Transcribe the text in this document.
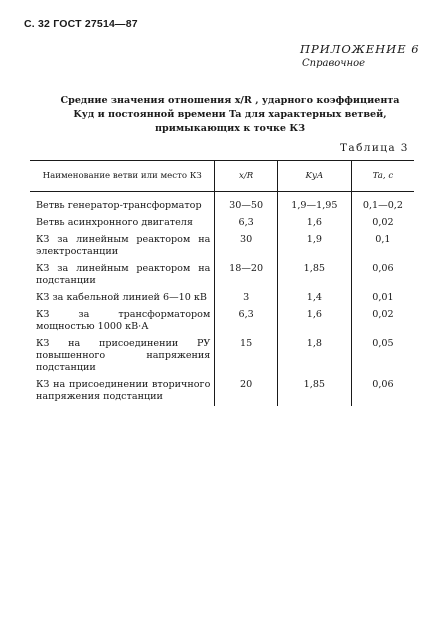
С. 32 ГОСТ 27514—87
ПРИЛОЖЕНИЕ 6
Справочное
Средние значения отношения x/R , ударного коэффициента
Kуд и постоянной времени Ta для характерных ветвей,
примыкающих к точке КЗ
Таблица 3
Наименование ветви или место КЗ	x/R	KуA	Ta, с

Ветвь генератор-трансформатор	30—50	1,9—1,95	0,1—0,2
Ветвь асинхронного двигателя	6,3	1,6	0,02
КЗ за линейным реактором на электростанции	30	1,9	0,1
КЗ за линейным реактором на подстанции	18—20	1,85	0,06
КЗ за кабельной линией 6—10 кВ	3	1,4	0,01
КЗ за трансформатором мощностью 1000 кВ·А	6,3	1,6	0,02
КЗ на присоединении РУ повышенного напряжения подстанции	15	1,8	0,05
КЗ на присоединении вторичного напряжения подстанции	20	1,85	0,06
